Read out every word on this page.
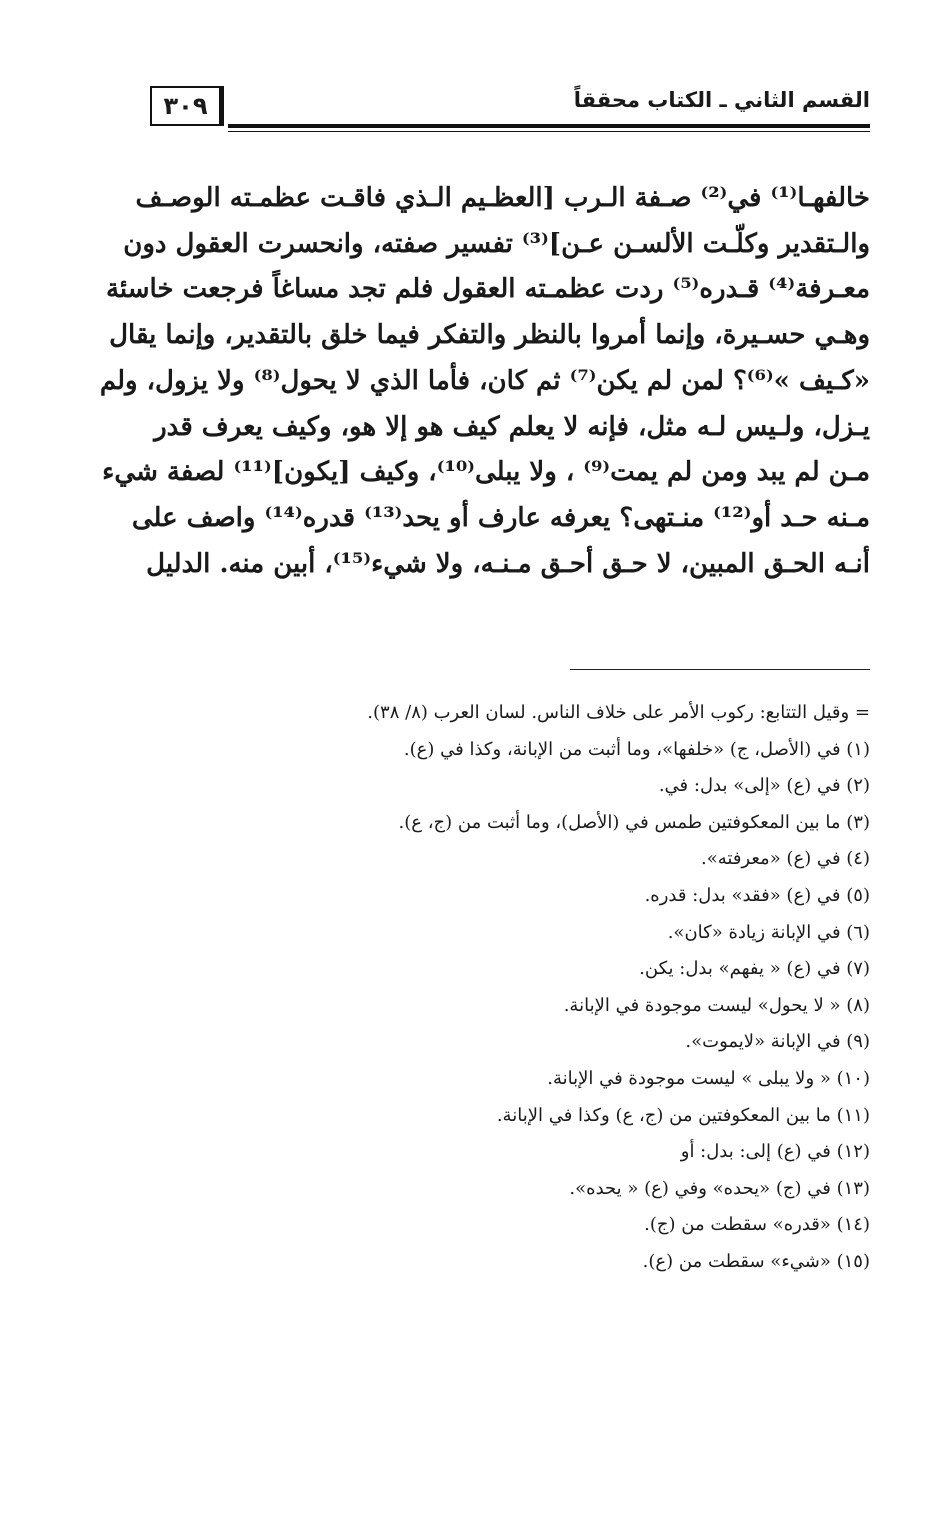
٣٠٩	القسم الثاني ـ الكتاب محققاً
خالفهـا⁽¹⁾ في⁽²⁾ صـفة الـرب [العظـيم الـذي فاقـت عظمـته الوصـف
والـتقدير وكلّـت الألسـن عـن]⁽³⁾ تفسير صفته، وانحسرت العقول دون
معـرفة⁽⁴⁾ قـدره⁽⁵⁾ ردت عظمـته العقول فلم تجد مساغاً فرجعت خاسئة
وهـي حسـيرة، وإنما أمروا بالنظر والتفكر فيما خلق بالتقدير، وإنما يقال
«كـيف »⁽⁶⁾؟ لمن لم يكن⁽⁷⁾ ثم كان، فأما الذي لا يحول⁽⁸⁾ ولا يزول، ولم
يـزل، ولـيس لـه مثل، فإنه لا يعلم كيف هو إلا هو، وكيف يعرف قدر
مـن لم يبد ومن لم يمت⁽⁹⁾ ، ولا يبلى⁽¹⁰⁾، وكيف [يكون]⁽¹¹⁾ لصفة شيء
مـنه حـد أو⁽¹²⁾ منـتهى؟ يعرفه عارف أو يحد⁽¹³⁾ قدره⁽¹⁴⁾ واصف على
أنـه الحـق المبين، لا حـق أحـق مـنـه، ولا شيء⁽¹⁵⁾، أبين منه. الدليل
= وقيل التتابع: ركوب الأمر على خلاف الناس. لسان العرب (٨/ ٣٨).
(١) في (الأصل، ج) «خلفها»، وما أثبت من الإبانة، وكذا في (ع).
(٢) في (ع) «إلى» بدل: في.
(٣) ما بين المعكوفتين طمس في (الأصل)، وما أثبت من (ج، ع).
(٤) في (ع) «معرفته».
(٥) في (ع) «فقد» بدل: قدره.
(٦) في الإبانة زيادة «كان».
(٧) في (ع) « يفهم» بدل: يكن.
(٨) « لا يحول» ليست موجودة في الإبانة.
(٩) في الإبانة «لايموت».
(١٠) « ولا يبلى » ليست موجودة في الإبانة.
(١١) ما بين المعكوفتين من (ج، ع) وكذا في الإبانة.
(١٢) في (ع) إلى: بدل: أو
(١٣) في (ج) «يحده» وفي (ع) « يحده».
(١٤) «قدره» سقطت من (ج).
(١٥) «شيء» سقطت من (ع).
